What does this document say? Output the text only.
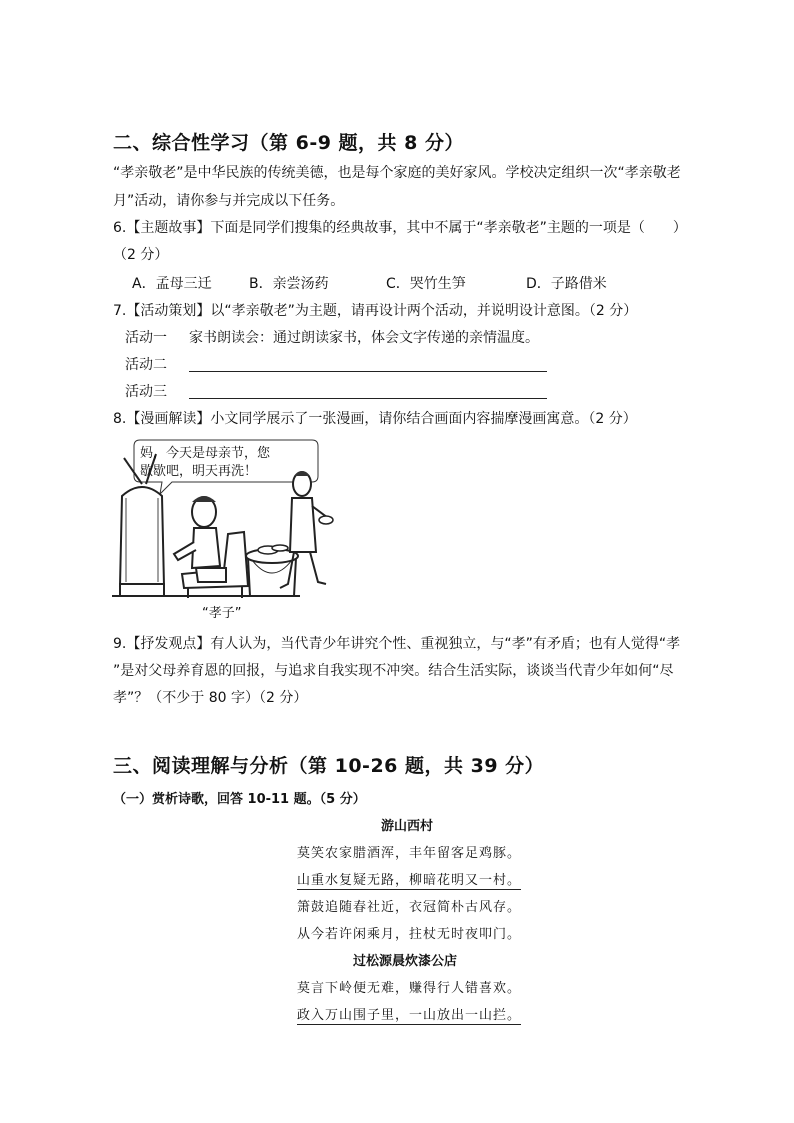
二、综合性学习（第 6-9 题，共 8 分）
“孝亲敬老”是中华民族的传统美德，也是每个家庭的美好家风。学校决定组织一次“孝亲敬老
月”活动，请你参与并完成以下任务。
6.【主题故事】下面是同学们搜集的经典故事，其中不属于“孝亲敬老”主题的一项是（　　）
（2 分）
A．孟母三迁	B．亲尝汤药	C．哭竹生笋	D．子路借米
7.【活动策划】以“孝亲敬老”为主题，请再设计两个活动，并说明设计意图。（2 分）
活动一 家书朗读会：通过朗读家书，体会文字传递的亲情温度。
活动二
活动三
8.【漫画解读】小文同学展示了一张漫画，请你结合画面内容揣摩漫画寓意。（2 分）
妈，今天是母亲节，您
歇歇吧，明天再洗！
“孝子”
9.【抒发观点】有人认为，当代青少年讲究个性、重视独立，与“孝”有矛盾；也有人觉得“孝
”是对父母养育恩的回报，与追求自我实现不冲突。结合生活实际，谈谈当代青少年如何“尽
孝”？（不少于 80 字）（2 分）
三、阅读理解与分析（第 10-26 题，共 39 分）
（一）赏析诗歌，回答 10-11 题。（5 分）
游山西村
莫笑农家腊酒浑，丰年留客足鸡豚。
山重水复疑无路，柳暗花明又一村。
箫鼓追随春社近，衣冠简朴古风存。
从今若许闲乘月，拄杖无时夜叩门。
过松源晨炊漆公店
莫言下岭便无难，赚得行人错喜欢。
政入万山围子里，一山放出一山拦。
